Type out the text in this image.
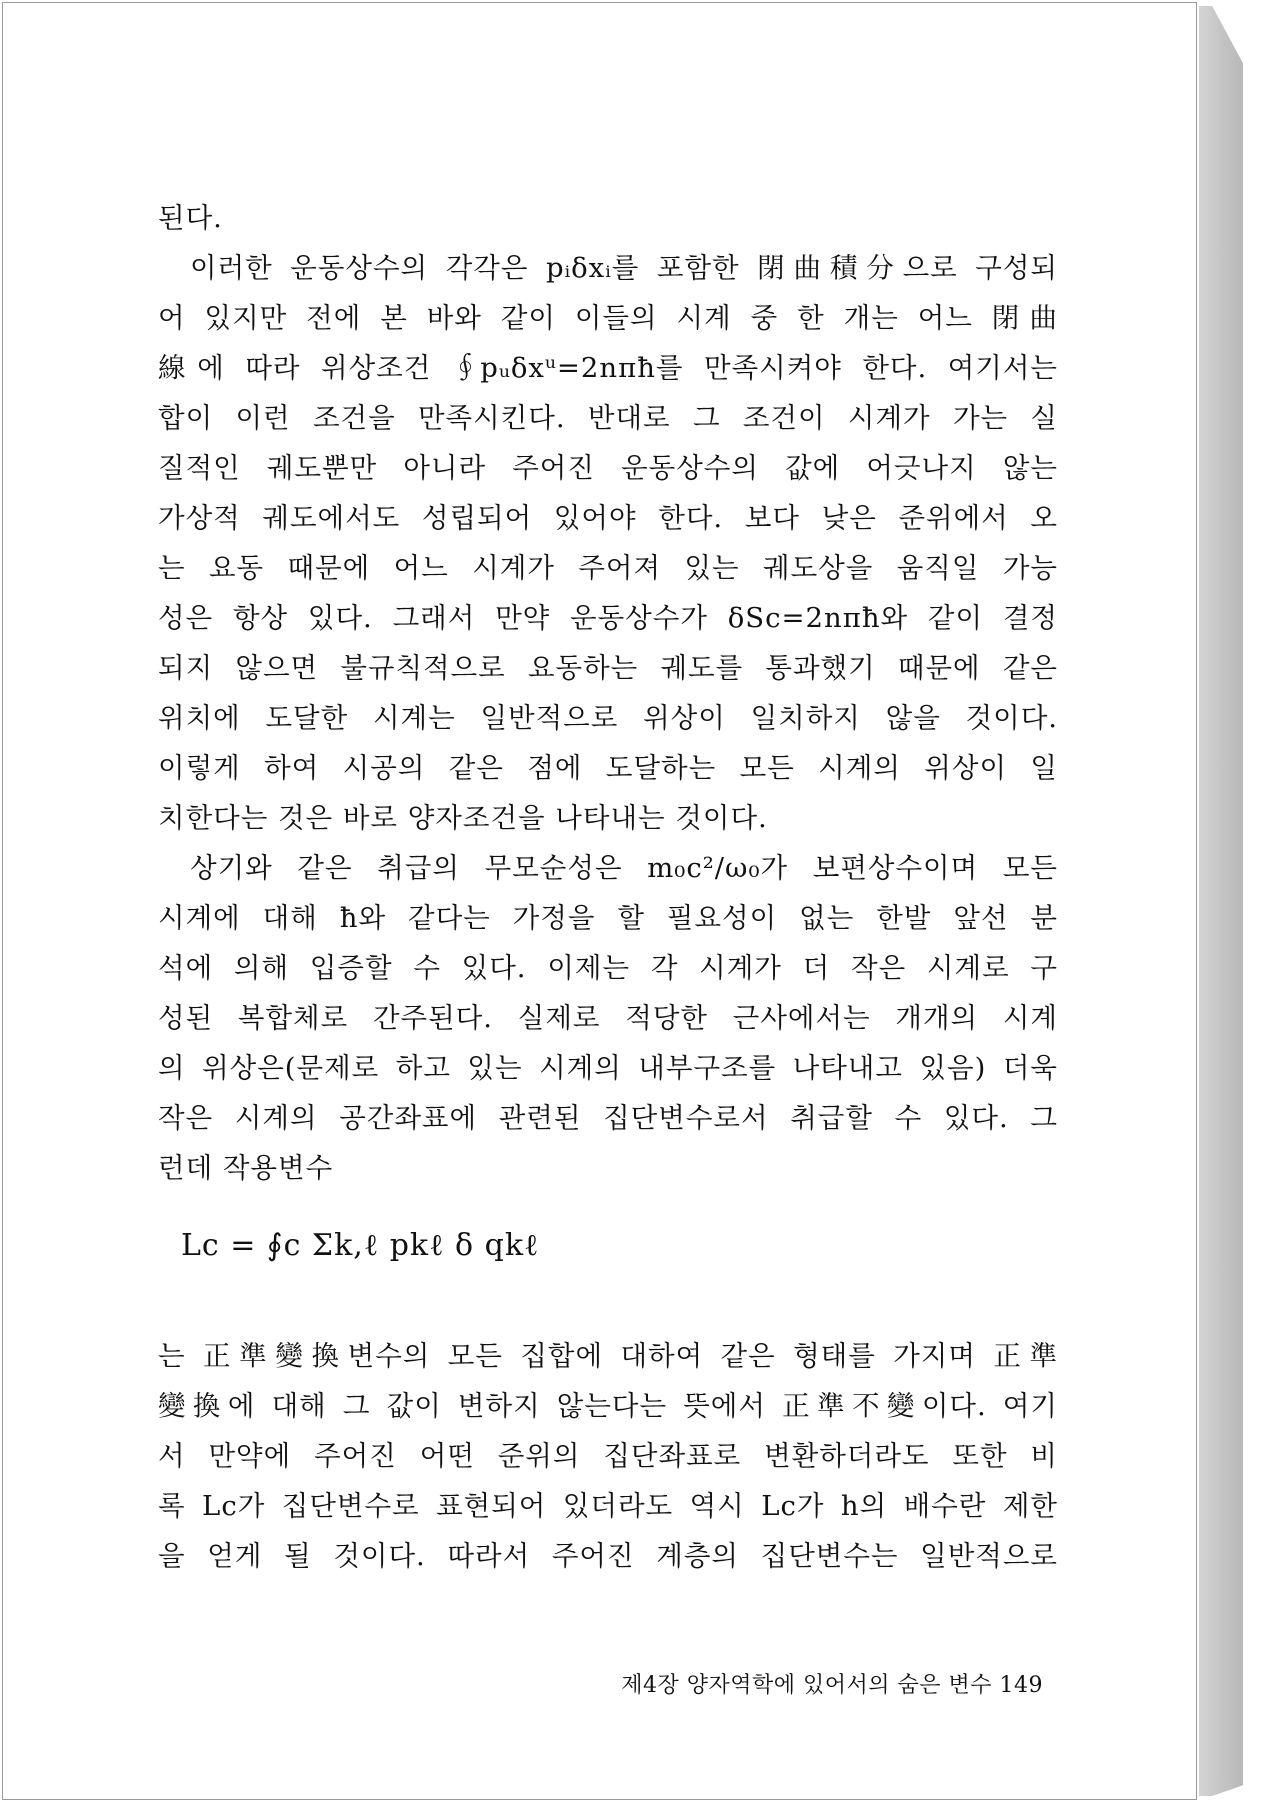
된다.
이러한 운동상수의 각각은 pᵢδxᵢ를 포함한 閉曲積分으로 구성되
어 있지만 전에 본 바와 같이 이들의 시계 중 한 개는 어느 閉曲
線에 따라 위상조건 ∮pᵤδxᵘ=2nπħ를 만족시켜야 한다. 여기서는
합이 이런 조건을 만족시킨다. 반대로 그 조건이 시계가 가는 실
질적인 궤도뿐만 아니라 주어진 운동상수의 값에 어긋나지 않는
가상적 궤도에서도 성립되어 있어야 한다. 보다 낮은 준위에서 오
는 요동 때문에 어느 시계가 주어져 있는 궤도상을 움직일 가능
성은 항상 있다. 그래서 만약 운동상수가 δSc=2nπħ와 같이 결정
되지 않으면 불규칙적으로 요동하는 궤도를 통과했기 때문에 같은
위치에 도달한 시계는 일반적으로 위상이 일치하지 않을 것이다.
이렇게 하여 시공의 같은 점에 도달하는 모든 시계의 위상이 일
치한다는 것은 바로 양자조건을 나타내는 것이다.
상기와 같은 취급의 무모순성은 m₀c²/ω₀가 보편상수이며 모든
시계에 대해 ħ와 같다는 가정을 할 필요성이 없는 한발 앞선 분
석에 의해 입증할 수 있다. 이제는 각 시계가 더 작은 시계로 구
성된 복합체로 간주된다. 실제로 적당한 근사에서는 개개의 시계
의 위상은(문제로 하고 있는 시계의 내부구조를 나타내고 있음) 더욱
작은 시계의 공간좌표에 관련된 집단변수로서 취급할 수 있다. 그
런데 작용변수
Lc = ∮c Σk,ℓ pkℓ δ qkℓ
는 正準變換변수의 모든 집합에 대하여 같은 형태를 가지며 正準
變換에 대해 그 값이 변하지 않는다는 뜻에서 正準不變이다. 여기
서 만약에 주어진 어떤 준위의 집단좌표로 변환하더라도 또한 비
록 Lc가 집단변수로 표현되어 있더라도 역시 Lc가 h의 배수란 제한
을 얻게 될 것이다. 따라서 주어진 계층의 집단변수는 일반적으로
제4장 양자역학에 있어서의 숨은 변수 149
